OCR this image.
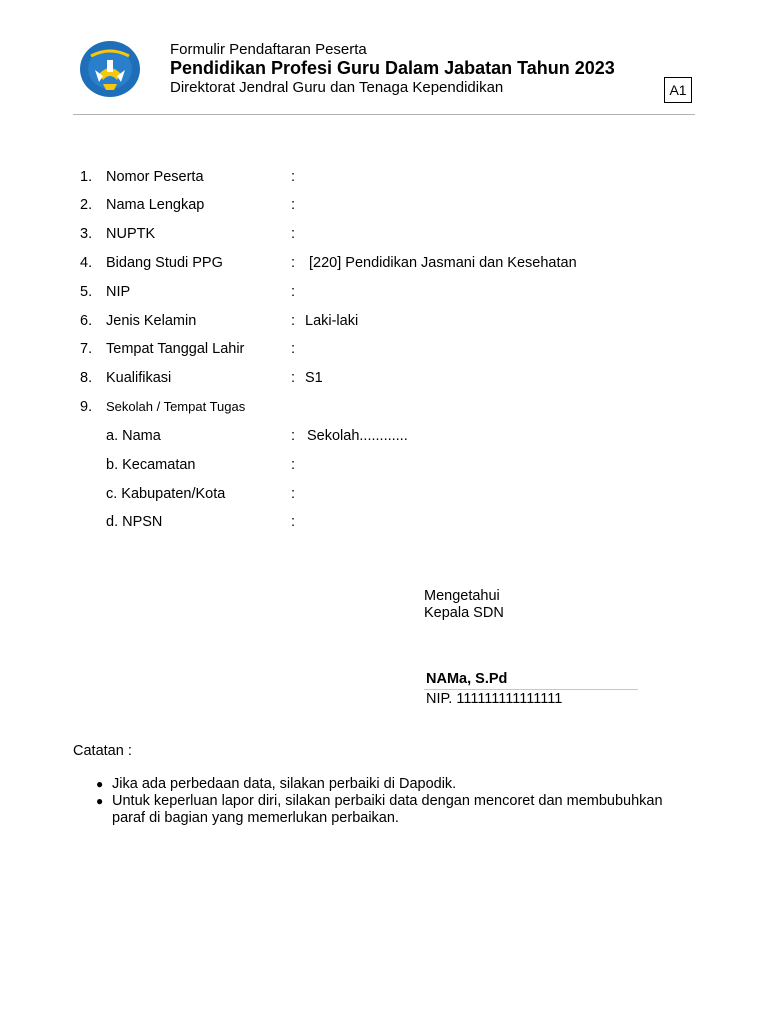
Formulir Pendaftaran Peserta
Pendidikan Profesi Guru Dalam Jabatan Tahun 2023
Direktorat Jendral Guru dan Tenaga Kependidikan	A1
1. Nomor Peserta	:
2. Nama Lengkap	:
3. NUPTK	:
4. Bidang Studi PPG	: [220] Pendidikan Jasmani dan Kesehatan
5. NIP	:
6. Jenis Kelamin	: Laki-laki
7. Tempat Tanggal Lahir	:
8. Kualifikasi	: S1
9. Sekolah / Tempat Tugas
a. Nama	: Sekolah............
b. Kecamatan	:
c. Kabupaten/Kota	:
d. NPSN	:
Mengetahui
Kepala SDN
NAMa, S.Pd
NIP. 111111111111111
Catatan :
● Jika ada perbedaan data, silakan perbaiki di Dapodik.
● Untuk keperluan lapor diri, silakan perbaiki data dengan mencoret dan membubuhkan
paraf di bagian yang memerlukan perbaikan.
